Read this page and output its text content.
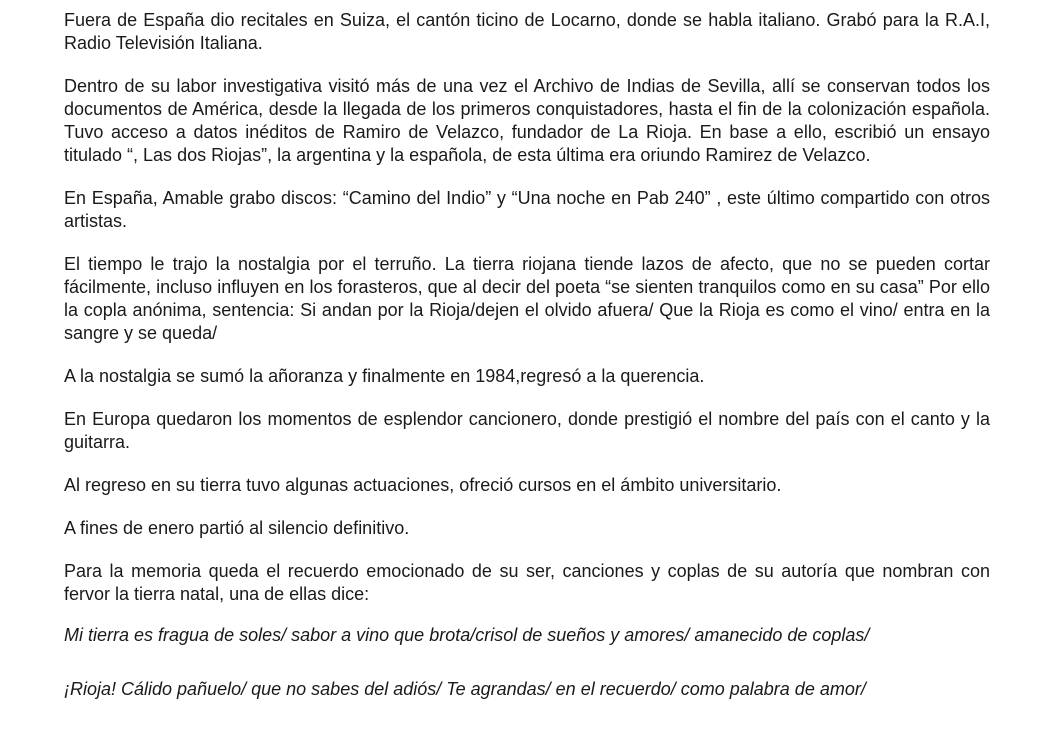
Fuera de España dio recitales en Suiza, el cantón ticino de Locarno, donde se habla italiano. Grabó para la R.A.I, Radio Televisión Italiana.

Dentro de su labor investigativa visitó más de una vez el Archivo de Indias de Sevilla, allí se conservan todos los documentos de América, desde la llegada de los primeros conquistadores, hasta el fin de la colonización española. Tuvo acceso a datos inéditos de Ramiro de Velazco, fundador de La Rioja. En base a ello, escribió un ensayo titulado “, Las dos Riojas”, la argentina y la española, de esta última era oriundo Ramirez de Velazco.

En España, Amable grabo discos: “Camino del Indio” y “Una noche en Pab 240” , este último compartido con otros artistas.

El tiempo le trajo la nostalgia por el terruño. La tierra riojana tiende lazos de afecto, que no se pueden cortar fácilmente, incluso influyen en los forasteros, que al decir del poeta “se sienten tranquilos como en su casa” Por ello la copla anónima, sentencia: Si andan por la Rioja/dejen el olvido afuera/ Que la Rioja es como el vino/ entra en la sangre y se queda/

A la nostalgia se sumó la añoranza y finalmente en 1984,regresó a la querencia.

En Europa quedaron los momentos de esplendor cancionero, donde prestigió el nombre del país con el canto y la guitarra.

Al regreso en su tierra tuvo algunas actuaciones, ofreció cursos en el ámbito universitario.

A fines de enero partió al silencio definitivo.

Para la memoria queda el recuerdo emocionado de su ser, canciones y coplas de su autoría que nombran con fervor la tierra natal, una de ellas dice:

Mi tierra es fragua de soles/ sabor a vino que brota/crisol de sueños y amores/ amanecido de coplas/

¡Rioja! Cálido pañuelo/ que no sabes del adiós/ Te agrandas/ en el recuerdo/ como palabra de amor/
